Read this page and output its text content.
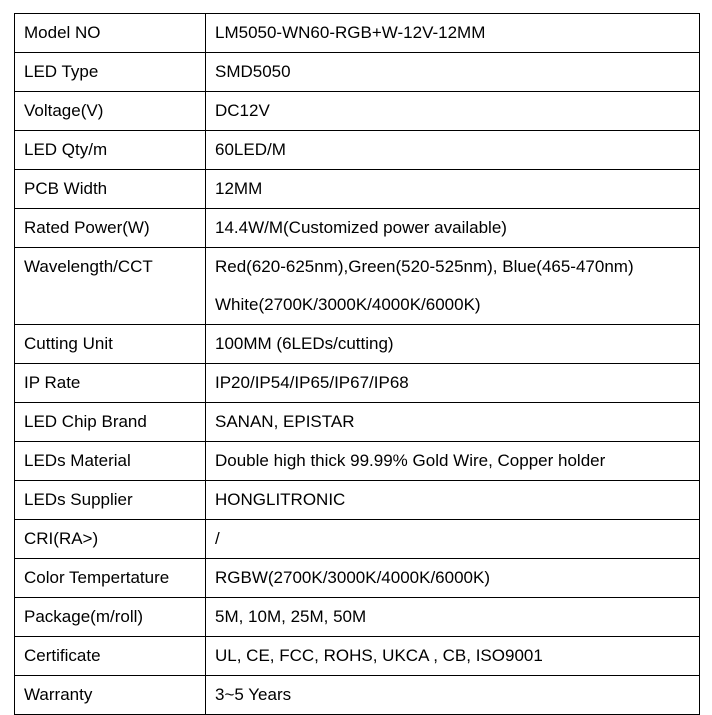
Model NO	LM5050-WN60-RGB+W-12V-12MM

LED Type	SMD5050

Voltage(V)	DC12V

LED Qty/m	60LED/M

PCB Width	12MM

Rated Power(W)	14.4W/M(Customized power available)

Wavelength/CCT	Red(620-625nm),Green(520-525nm), Blue(465-470nm)
White(2700K/3000K/4000K/6000K)

Cutting Unit	100MM (6LEDs/cutting)

IP Rate	IP20/IP54/IP65/IP67/IP68

LED Chip Brand	SANAN, EPISTAR

LEDs Material	Double high thick 99.99% Gold Wire, Copper holder

LEDs Supplier	HONGLITRONIC

CRI(RA>)	/

Color Tempertature	RGBW(2700K/3000K/4000K/6000K)

Package(m/roll)	5M, 10M, 25M, 50M

Certificate	UL, CE, FCC, ROHS, UKCA , CB, ISO9001

Warranty	3~5 Years
